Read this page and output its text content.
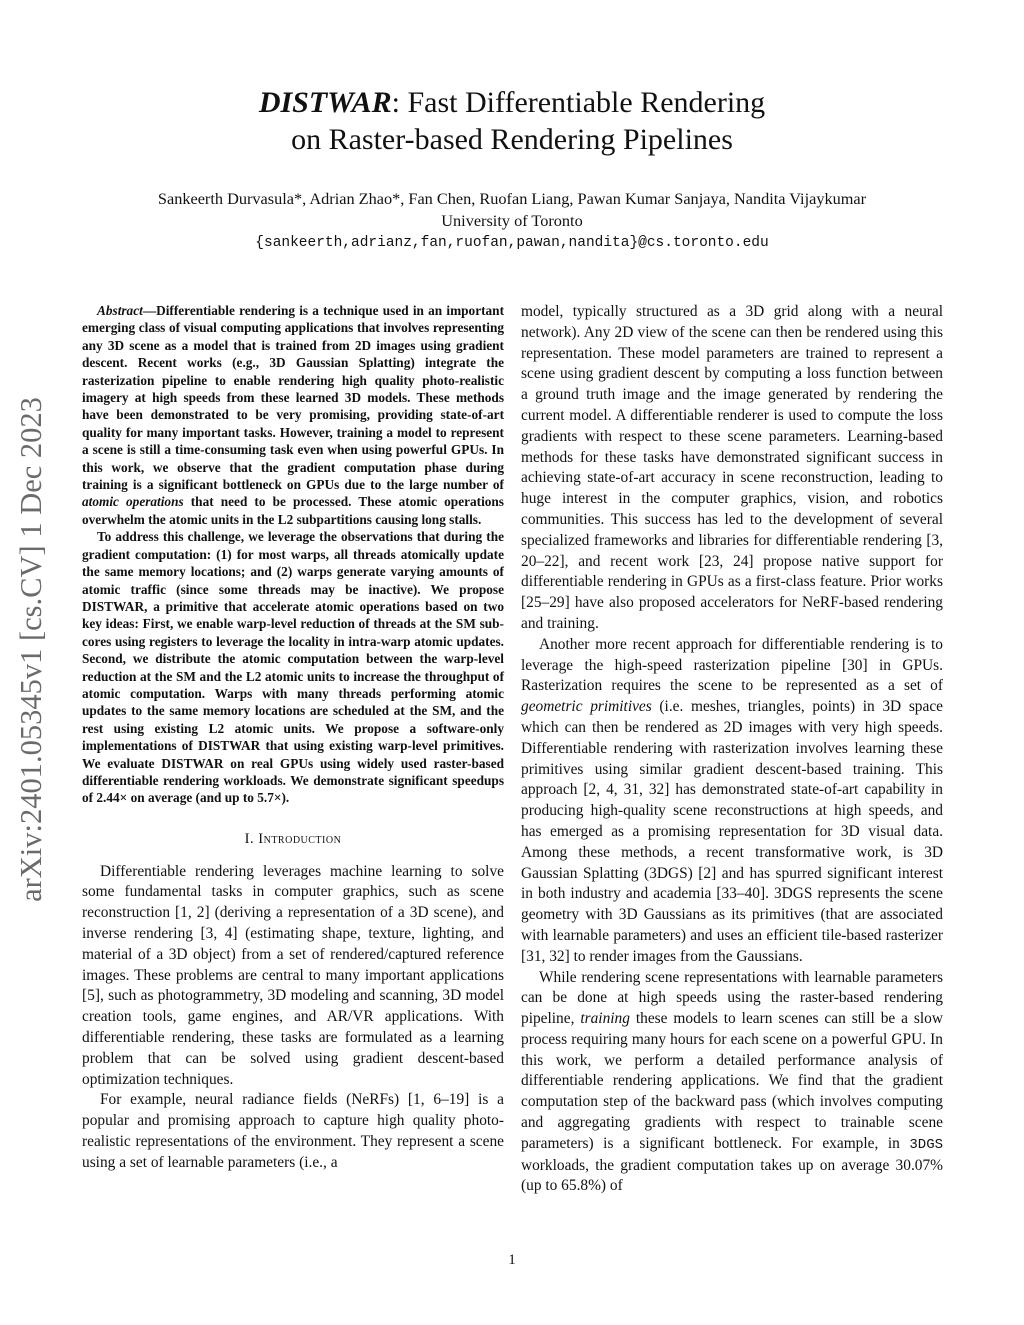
arXiv:2401.05345v1 [cs.CV] 1 Dec 2023
DISTWAR: Fast Differentiable Rendering
on Raster-based Rendering Pipelines
Sankeerth Durvasula*, Adrian Zhao*, Fan Chen, Ruofan Liang, Pawan Kumar Sanjaya, Nandita Vijaykumar
University of Toronto
{sankeerth,adrianz,fan,ruofan,pawan,nandita}@cs.toronto.edu

Abstract—Differentiable rendering is a technique used in an important emerging class of visual computing applications that involves representing any 3D scene as a model that is trained from 2D images using gradient descent. Recent works (e.g., 3D Gaussian Splatting) integrate the rasterization pipeline to enable rendering high quality photo-realistic imagery at high speeds from these learned 3D models. These methods have been demonstrated to be very promising, providing state-of-art quality for many important tasks. However, training a model to represent a scene is still a time-consuming task even when using powerful GPUs. In this work, we observe that the gradient computation phase during training is a significant bottleneck on GPUs due to the large number of atomic operations that need to be processed. These atomic operations overwhelm the atomic units in the L2 subpartitions causing long stalls.

To address this challenge, we leverage the observations that during the gradient computation: (1) for most warps, all threads atomically update the same memory locations; and (2) warps generate varying amounts of atomic traffic (since some threads may be inactive). We propose DISTWAR, a primitive that accelerate atomic operations based on two key ideas: First, we enable warp-level reduction of threads at the SM sub-cores using registers to leverage the locality in intra-warp atomic updates. Second, we distribute the atomic computation between the warp-level reduction at the SM and the L2 atomic units to increase the throughput of atomic computation. Warps with many threads performing atomic updates to the same memory locations are scheduled at the SM, and the rest using existing L2 atomic units. We propose a software-only implementations of DISTWAR that using existing warp-level primitives. We evaluate DISTWAR on real GPUs using widely used raster-based differentiable rendering workloads. We demonstrate significant speedups of 2.44× on average (and up to 5.7×).

I. Introduction

Differentiable rendering leverages machine learning to solve some fundamental tasks in computer graphics, such as scene reconstruction [1, 2] (deriving a representation of a 3D scene), and inverse rendering [3, 4] (estimating shape, texture, lighting, and material of a 3D object) from a set of rendered/captured reference images. These problems are central to many important applications [5], such as photogrammetry, 3D modeling and scanning, 3D model creation tools, game engines, and AR/VR applications. With differentiable rendering, these tasks are formulated as a learning problem that can be solved using gradient descent-based optimization techniques.

For example, neural radiance fields (NeRFs) [1, 6–19] is a popular and promising approach to capture high quality photo-realistic representations of the environment. They represent a scene using a set of learnable parameters (i.e., a

model, typically structured as a 3D grid along with a neural network). Any 2D view of the scene can then be rendered using this representation. These model parameters are trained to represent a scene using gradient descent by computing a loss function between a ground truth image and the image generated by rendering the current model. A differentiable renderer is used to compute the loss gradients with respect to these scene parameters. Learning-based methods for these tasks have demonstrated significant success in achieving state-of-art accuracy in scene reconstruction, leading to huge interest in the computer graphics, vision, and robotics communities. This success has led to the development of several specialized frameworks and libraries for differentiable rendering [3, 20–22], and recent work [23, 24] propose native support for differentiable rendering in GPUs as a first-class feature. Prior works [25–29] have also proposed accelerators for NeRF-based rendering and training.

Another more recent approach for differentiable rendering is to leverage the high-speed rasterization pipeline [30] in GPUs. Rasterization requires the scene to be represented as a set of geometric primitives (i.e. meshes, triangles, points) in 3D space which can then be rendered as 2D images with very high speeds. Differentiable rendering with rasterization involves learning these primitives using similar gradient descent-based training. This approach [2, 4, 31, 32] has demonstrated state-of-art capability in producing high-quality scene reconstructions at high speeds, and has emerged as a promising representation for 3D visual data. Among these methods, a recent transformative work, is 3D Gaussian Splatting (3DGS) [2] and has spurred significant interest in both industry and academia [33–40]. 3DGS represents the scene geometry with 3D Gaussians as its primitives (that are associated with learnable parameters) and uses an efficient tile-based rasterizer [31, 32] to render images from the Gaussians.

While rendering scene representations with learnable parameters can be done at high speeds using the raster-based rendering pipeline, training these models to learn scenes can still be a slow process requiring many hours for each scene on a powerful GPU. In this work, we perform a detailed performance analysis of differentiable rendering applications. We find that the gradient computation step of the backward pass (which involves computing and aggregating gradients with respect to trainable scene parameters) is a significant bottleneck. For example, in 3DGS workloads, the gradient computation takes up on average 30.07% (up to 65.8%) of

1
